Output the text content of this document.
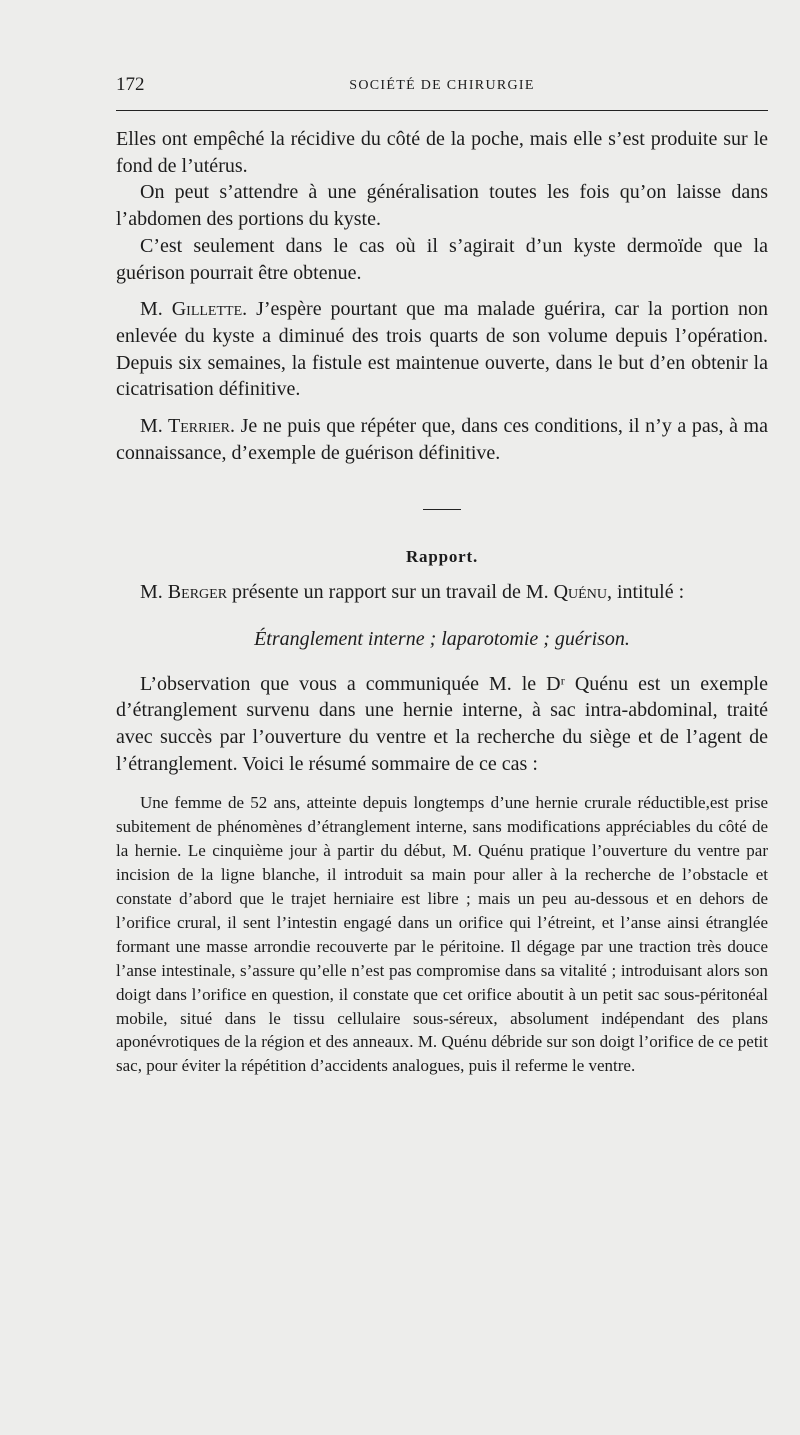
172	SOCIÉTÉ DE CHIRURGIE

Elles ont empêché la récidive du côté de la poche, mais elle s’est produite sur le fond de l’utérus.

On peut s’attendre à une généralisation toutes les fois qu’on laisse dans l’abdomen des portions du kyste.

C’est seulement dans le cas où il s’agirait d’un kyste dermoïde que la guérison pourrait être obtenue.

M. Gillette. J’espère pourtant que ma malade guérira, car la portion non enlevée du kyste a diminué des trois quarts de son volume depuis l’opération. Depuis six semaines, la fistule est maintenue ouverte, dans le but d’en obtenir la cicatrisation définitive.

M. Terrier. Je ne puis que répéter que, dans ces conditions, il n’y a pas, à ma connaissance, d’exemple de guérison définitive.

Rapport.

M. Berger présente un rapport sur un travail de M. Quénu, intitulé :

Étranglement interne ; laparotomie ; guérison.

L’observation que vous a communiquée M. le Dʳ Quénu est un exemple d’étranglement survenu dans une hernie interne, à sac intra-abdominal, traité avec succès par l’ouverture du ventre et la recherche du siège et de l’agent de l’étranglement. Voici le résumé sommaire de ce cas :

Une femme de 52 ans, atteinte depuis longtemps d’une hernie crurale réductible,est prise subitement de phénomènes d’étranglement interne, sans modifications appréciables du côté de la hernie. Le cinquième jour à partir du début, M. Quénu pratique l’ouverture du ventre par incision de la ligne blanche, il introduit sa main pour aller à la recherche de l’obstacle et constate d’abord que le trajet herniaire est libre ; mais un peu au-dessous et en dehors de l’orifice crural, il sent l’intestin engagé dans un orifice qui l’étreint, et l’anse ainsi étranglée formant une masse arrondie recouverte par le péritoine. Il dégage par une traction très douce l’anse intestinale, s’assure qu’elle n’est pas compromise dans sa vitalité ; introduisant alors son doigt dans l’orifice en question, il constate que cet orifice aboutit à un petit sac sous-péritonéal mobile, situé dans le tissu cellulaire sous-séreux, absolument indépendant des plans aponévrotiques de la région et des anneaux. M. Quénu débride sur son doigt l’orifice de ce petit sac, pour éviter la répétition d’accidents analogues, puis il referme le ventre.
